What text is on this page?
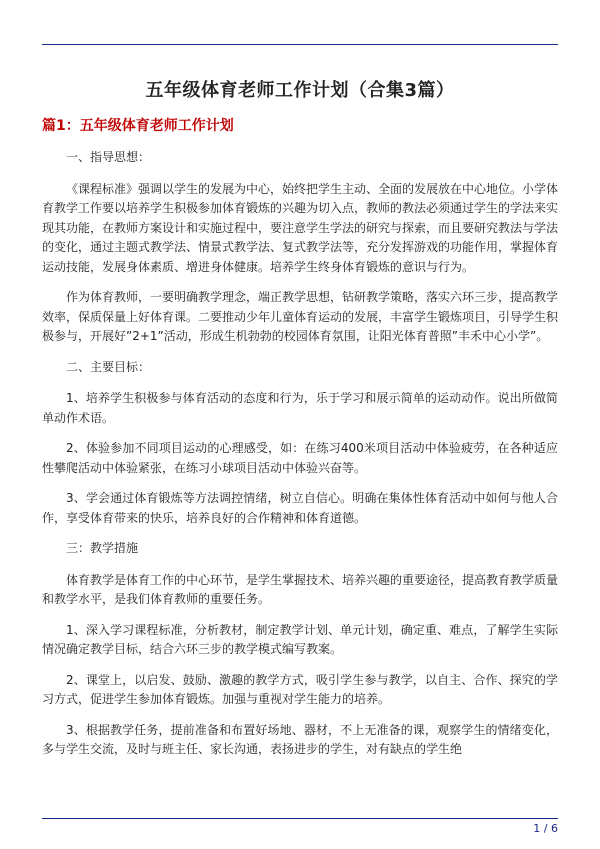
五年级体育老师工作计划（合集3篇）
篇1：五年级体育老师工作计划

一、指导思想：

《课程标准》强调以学生的发展为中心，始终把学生主动、全面的发展放在中心地位。小学体育教学工作要以培养学生积极参加体育锻炼的兴趣为切入点，教师的教法必须通过学生的学法来实现其功能，在教师方案设计和实施过程中，要注意学生学法的研究与探索，而且要研究教法与学法的变化，通过主题式教学法、情景式教学法、复式教学法等，充分发挥游戏的功能作用，掌握体育运动技能，发展身体素质、增进身体健康。培养学生终身体育锻炼的意识与行为。

作为体育教师，一要明确教学理念，端正教学思想，钻研教学策略，落实六环三步，提高教学效率，保质保量上好体育课。二要推动少年儿童体育运动的发展，丰富学生锻炼项目，引导学生积极参与，开展好”2+1”活动，形成生机勃勃的校园体育氛围，让阳光体育普照”丰禾中心小学”。

二、主要目标：

1、培养学生积极参与体育活动的态度和行为，乐于学习和展示简单的运动动作。说出所做简单动作术语。

2、体验参加不同项目运动的心理感受，如：在练习400米项目活动中体验疲劳，在各种适应性攀爬活动中体验紧张，在练习小球项目活动中体验兴奋等。

3、学会通过体育锻炼等方法调控情绪，树立自信心。明确在集体性体育活动中如何与他人合作，享受体育带来的快乐，培养良好的合作精神和体育道德。

三：教学措施

体育教学是体育工作的中心环节，是学生掌握技术、培养兴趣的重要途径，提高教育教学质量和教学水平，是我们体育教师的重要任务。

1、深入学习课程标准，分析教材，制定教学计划、单元计划，确定重、难点，了解学生实际情况确定教学目标，结合六环三步的教学模式编写教案。

2、课堂上，以启发、鼓励、激趣的教学方式，吸引学生参与教学，以自主、合作、探究的学习方式，促进学生参加体育锻炼。加强与重视对学生能力的培养。

3、根据教学任务，提前准备和布置好场地、器材，不上无准备的课，观察学生的情绪变化，多与学生交流，及时与班主任、家长沟通，表扬进步的学生，对有缺点的学生绝

1 / 6
